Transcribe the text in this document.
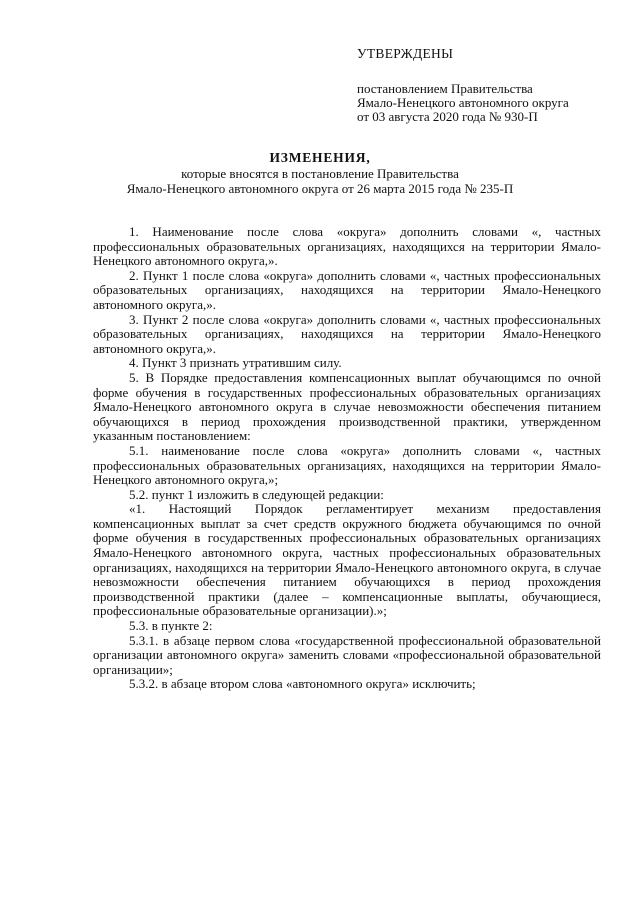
УТВЕРЖДЕНЫ
постановлением Правительства
Ямало-Ненецкого автономного округа
от 03 августа 2020 года № 930-П
ИЗМЕНЕНИЯ,
которые вносятся в постановление Правительства
Ямало-Ненецкого автономного округа от 26 марта 2015 года № 235-П

1. Наименование после слова «округа» дополнить словами «, частных профессиональных образовательных организациях, находящихся на территории Ямало-Ненецкого автономного округа,».

2. Пункт 1 после слова «округа» дополнить словами «, частных профессиональных образовательных организациях, находящихся на территории Ямало-Ненецкого автономного округа,».

3. Пункт 2 после слова «округа» дополнить словами «, частных профессиональных образовательных организациях, находящихся на территории Ямало-Ненецкого автономного округа,».

4. Пункт 3 признать утратившим силу.

5. В Порядке предоставления компенсационных выплат обучающимся по очной форме обучения в государственных профессиональных образовательных организациях Ямало-Ненецкого автономного округа в случае невозможности обеспечения питанием обучающихся в период прохождения производственной практики, утвержденном указанным постановлением:

5.1. наименование после слова «округа» дополнить словами «, частных профессиональных образовательных организациях, находящихся на территории Ямало-Ненецкого автономного округа,»;

5.2. пункт 1 изложить в следующей редакции:

«1. Настоящий Порядок регламентирует механизм предоставления компенсационных выплат за счет средств окружного бюджета обучающимся по очной форме обучения в государственных профессиональных образовательных организациях Ямало-Ненецкого автономного округа, частных профессиональных образовательных организациях, находящихся на территории Ямало-Ненецкого автономного округа, в случае невозможности обеспечения питанием обучающихся в период прохождения производственной практики (далее – компенсационные выплаты, обучающиеся, профессиональные образовательные организации).»;

5.3. в пункте 2:

5.3.1. в абзаце первом слова «государственной профессиональной образовательной организации автономного округа» заменить словами «профессиональной образовательной организации»;

5.3.2. в абзаце втором слова «автономного округа» исключить;
